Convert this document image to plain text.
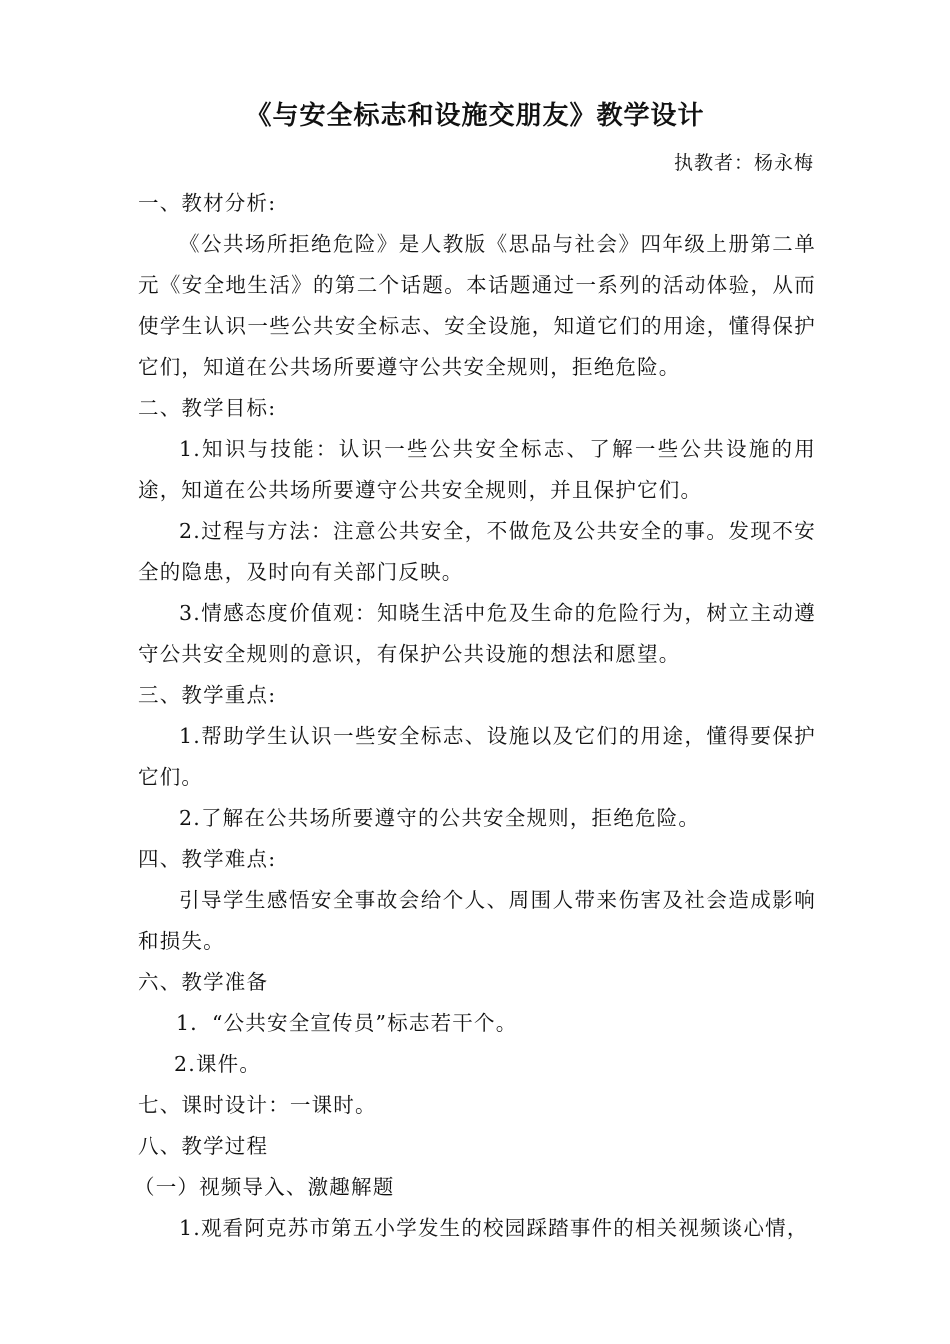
《与安全标志和设施交朋友》教学设计
执教者：杨永梅

一、教材分析:

《公共场所拒绝危险》是人教版《思品与社会》四年级上册第二单元《安全地生活》的第二个话题。本话题通过一系列的活动体验，从而使学生认识一些公共安全标志、安全设施，知道它们的用途，懂得保护它们，知道在公共场所要遵守公共安全规则，拒绝危险。

二、教学目标:

1.知识与技能：认识一些公共安全标志、了解一些公共设施的用途，知道在公共场所要遵守公共安全规则，并且保护它们。

2.过程与方法：注意公共安全，不做危及公共安全的事。发现不安全的隐患，及时向有关部门反映。

3.情感态度价值观：知晓生活中危及生命的危险行为，树立主动遵守公共安全规则的意识，有保护公共设施的想法和愿望。

三、教学重点:

1.帮助学生认识一些安全标志、设施以及它们的用途，懂得要保护它们。

2.了解在公共场所要遵守的公共安全规则，拒绝危险。

四、教学难点:

引导学生感悟安全事故会给个人、周围人带来伤害及社会造成影响和损失。

六、教学准备

1．“公共安全宣传员”标志若干个。

2.课件。

七、课时设计：一课时。

八、教学过程

（一）视频导入、激趣解题

1.观看阿克苏市第五小学发生的校园踩踏事件的相关视频谈心情，
